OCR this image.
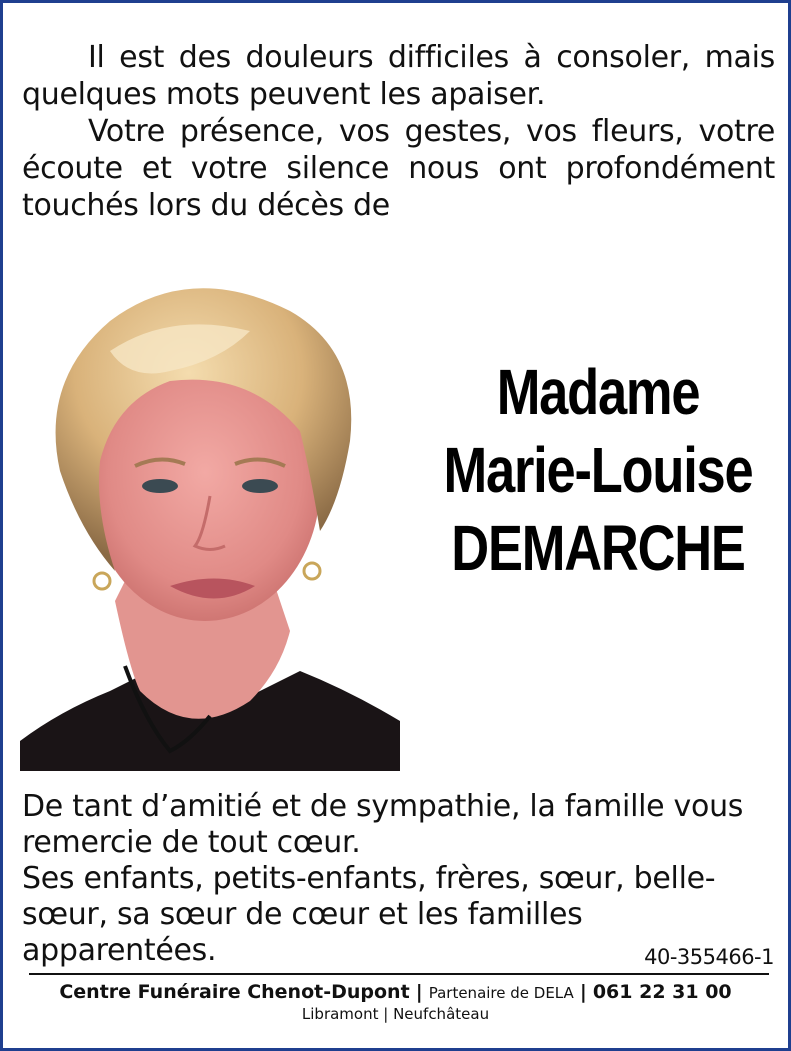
Il est des douleurs difficiles à consoler, mais quelques mots peuvent les apaiser.

Votre présence, vos gestes, vos fleurs, votre écoute et votre silence nous ont profondément touchés lors du décès de

Madame
Marie-Louise
DEMARCHE

De tant d’amitié et de sympathie, la famille vous remercie de tout cœur.

Ses enfants, petits-enfants, frères, sœur, belle-sœur, sa sœur de cœur et les familles apparentées.	40-355466-1
Centre Funéraire Chenot-Dupont | Partenaire de DELA | 061 22 31 00
Libramont | Neufchâteau
